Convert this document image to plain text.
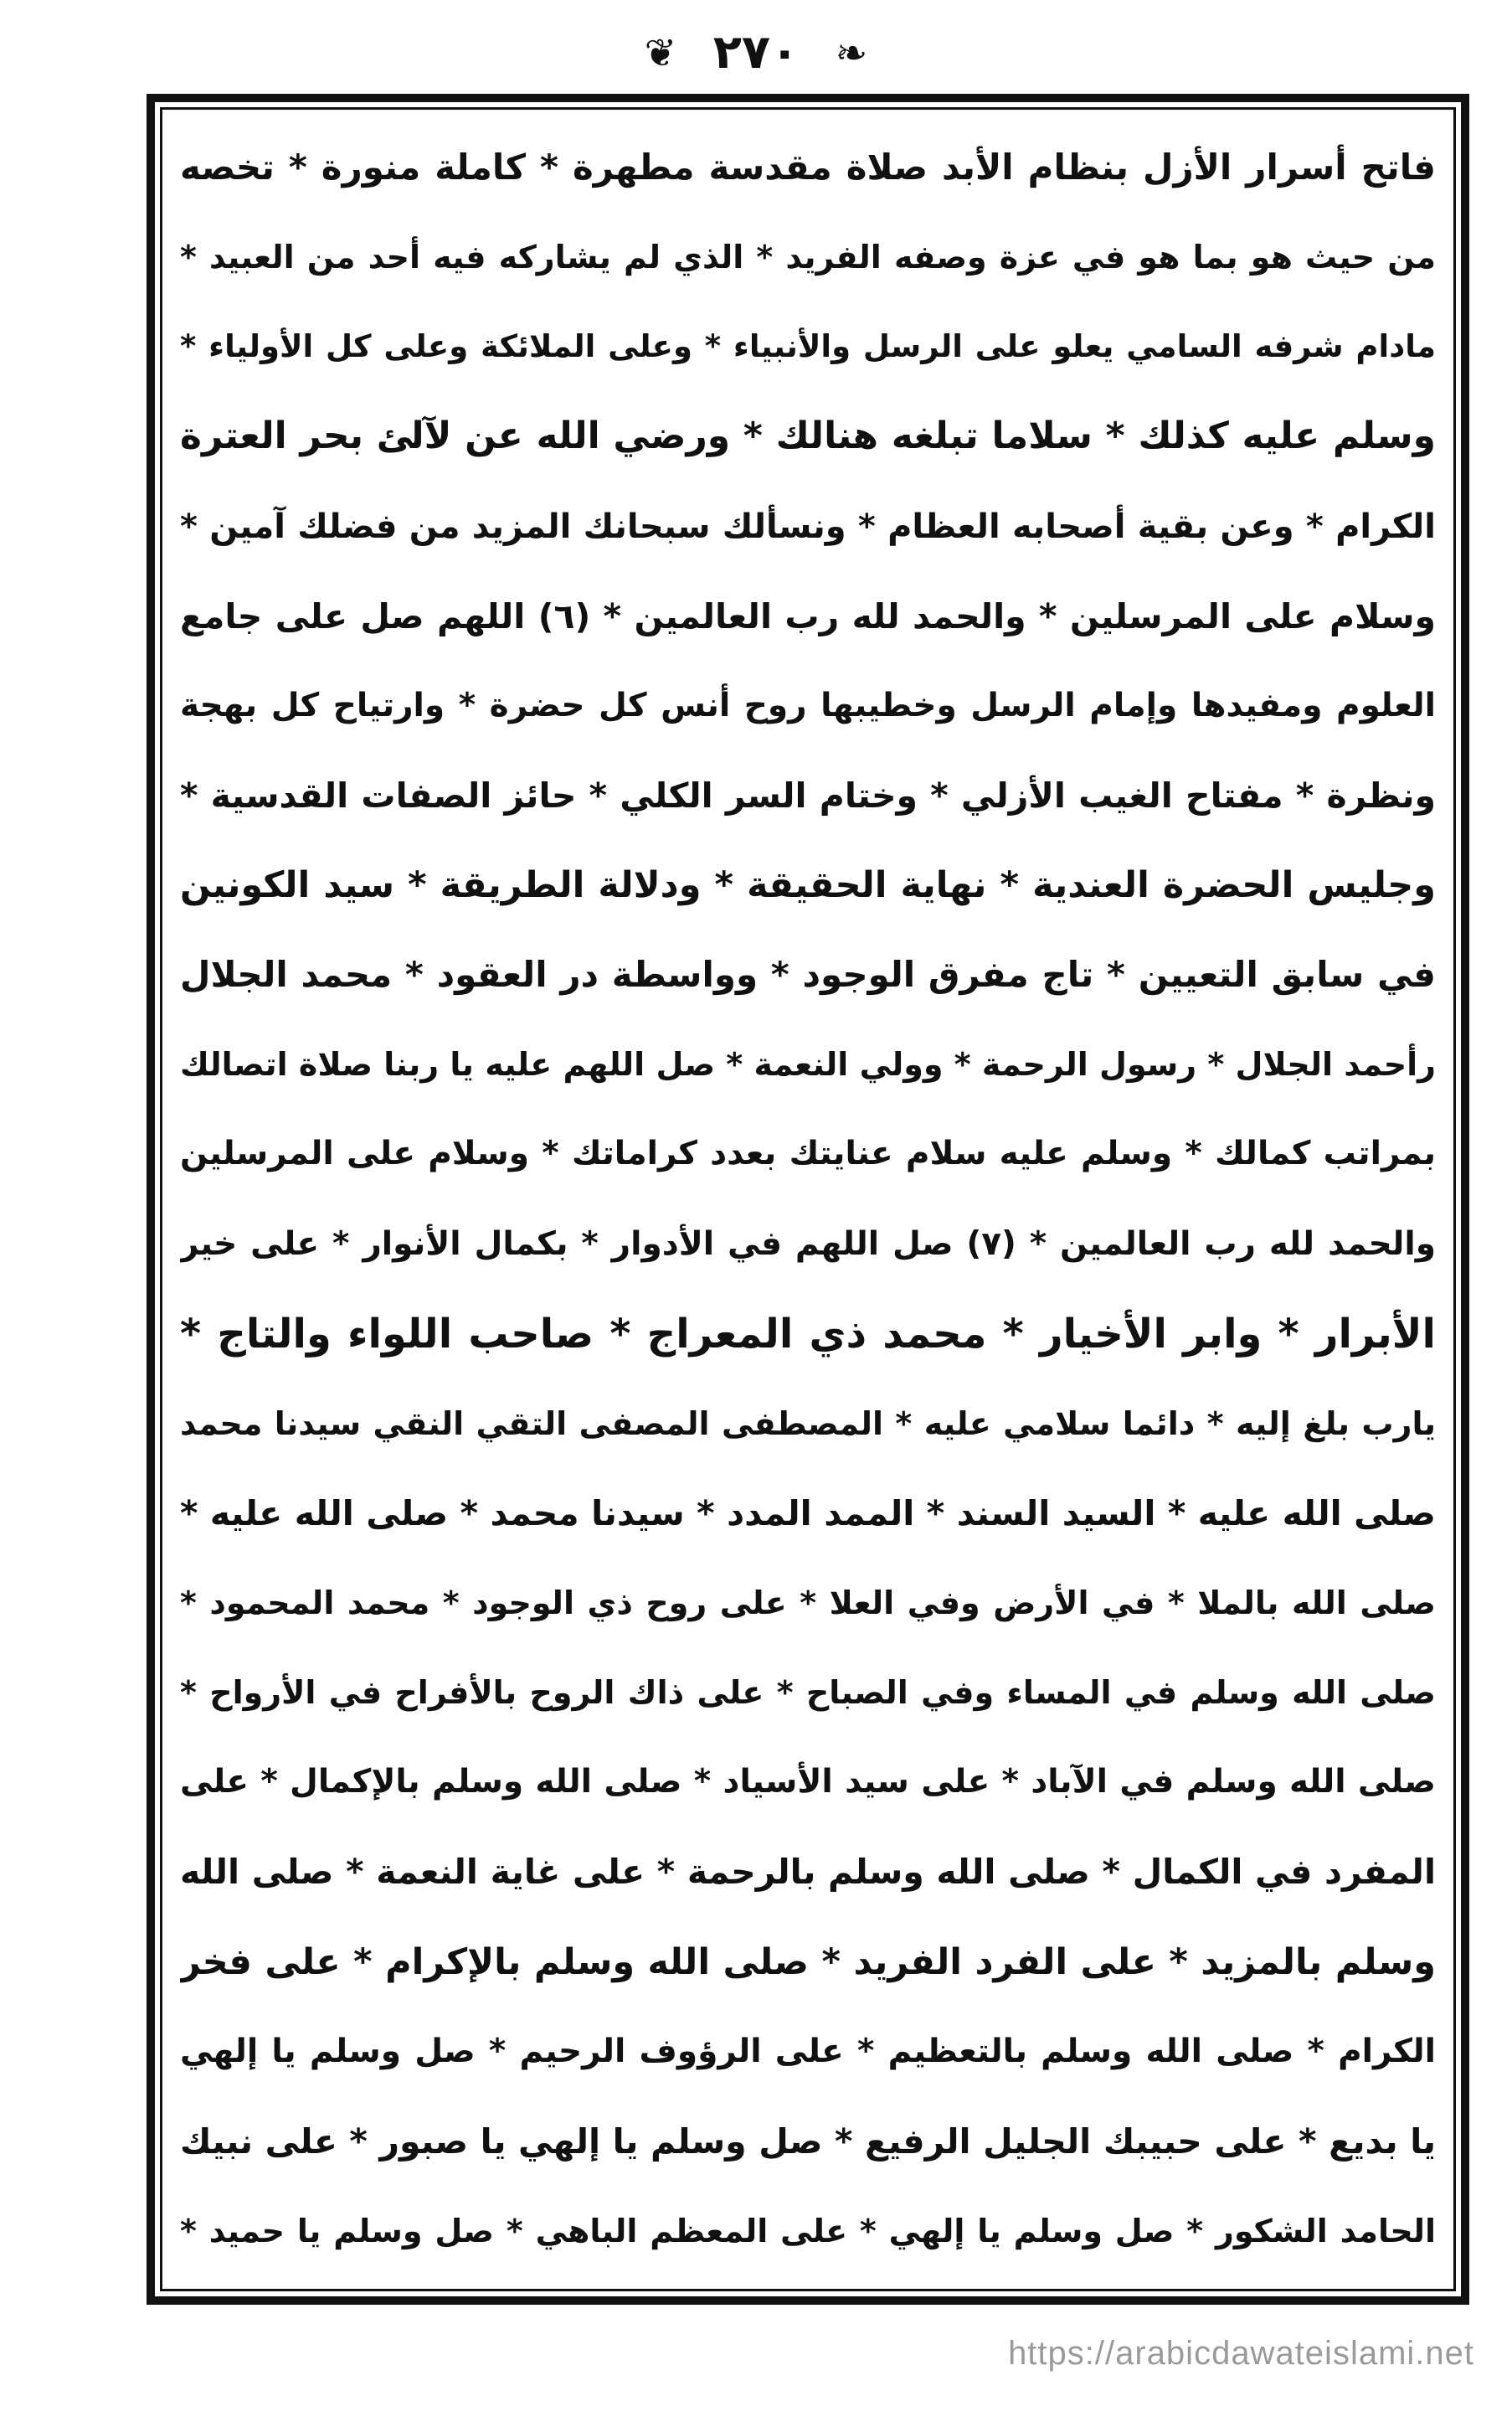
❧ ٢٧٠ ❦
فاتح أسرار الأزل بنظام الأبد صلاة مقدسة مطهرة * كاملة منورة * تخصه
من حيث هو بما هو في عزة وصفه الفريد * الذي لم يشاركه فيه أحد من العبيد *
مادام شرفه السامي يعلو على الرسل والأنبياء * وعلى الملائكة وعلى كل الأولياء *
وسلم عليه كذلك * سلاما تبلغه هنالك * ورضي الله عن لآلئ بحر العترة
الكرام * وعن بقية أصحابه العظام * ونسألك سبحانك المزيد من فضلك آمين *
وسلام على المرسلين * والحمد لله رب العالمين * (٦) اللهم صل على جامع
العلوم ومفيدها وإمام الرسل وخطيبها روح أنس كل حضرة * وارتياح كل بهجة
ونظرة * مفتاح الغيب الأزلي * وختام السر الكلي * حائز الصفات القدسية *
وجليس الحضرة العندية * نهاية الحقيقة * ودلالة الطريقة * سيد الكونين
في سابق التعيين * تاج مفرق الوجود * وواسطة در العقود * محمد الجلال
رأحمد الجلال * رسول الرحمة * وولي النعمة * صل اللهم عليه يا ربنا صلاة اتصالك
بمراتب كمالك * وسلم عليه سلام عنايتك بعدد كراماتك * وسلام على المرسلين
والحمد لله رب العالمين * (٧) صل اللهم في الأدوار * بكمال الأنوار * على خير
الأبرار * وابر الأخيار * محمد ذي المعراج * صاحب اللواء والتاج *
يارب بلغ إليه * دائما سلامي عليه * المصطفى المصفى التقي النقي سيدنا محمد
صلى الله عليه * السيد السند * الممد المدد * سيدنا محمد * صلى الله عليه *
صلى الله بالملا * في الأرض وفي العلا * على روح ذي الوجود * محمد المحمود *
صلى الله وسلم في المساء وفي الصباح * على ذاك الروح بالأفراح في الأرواح *
صلى الله وسلم في الآباد * على سيد الأسياد * صلى الله وسلم بالإكمال * على
المفرد في الكمال * صلى الله وسلم بالرحمة * على غاية النعمة * صلى الله
وسلم بالمزيد * على الفرد الفريد * صلى الله وسلم بالإكرام * على فخر
الكرام * صلى الله وسلم بالتعظيم * على الرؤوف الرحيم * صل وسلم يا إلهي
يا بديع * على حبيبك الجليل الرفيع * صل وسلم يا إلهي يا صبور * على نبيك
الحامد الشكور * صل وسلم يا إلهي * على المعظم الباهي * صل وسلم يا حميد *
https://arabicdawateislami.net
